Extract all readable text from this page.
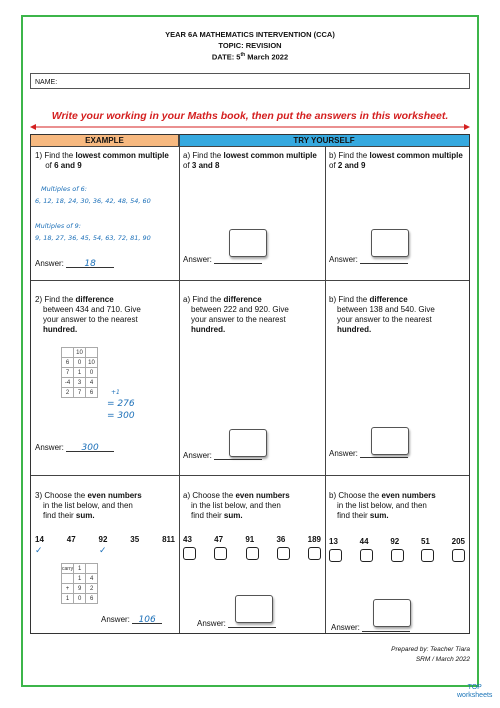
YEAR 6A MATHEMATICS INTERVENTION (CCA)
TOPIC: REVISION
DATE: 5th March 2022
NAME:
Write your working in your Maths book, then put the answers in this worksheet.
EXAMPLE	TRY YOURSELF
1) Find the lowest common multiple
of 6 and 9
Multiples of 6:
6, 12, 18, 24, 30, 36, 42, 48, 54, 60
Multiples of 9:
9, 18, 27, 36, 45, 54, 63, 72, 81, 90
Answer: 18
a) Find the lowest common multiple of 3 and 8
Answer:
b) Find the lowest common multiple of 2 and 9
Answer:
2) Find the difference
between 434 and 710. Give
your answer to the nearest
hundred.
	10	
6	0	10
7	1	0
-4	3	4
2	7	6	+1
= 276
= 300
Answer: 300
a) Find the difference
between 222 and 920. Give
your answer to the nearest
hundred.
Answer:
b) Find the difference
between 138 and 540. Give
your answer to the nearest
hundred.
Answer:
3) Choose the even numbers
in the list below, and then
find their sum.
14	47	92	35	811
✓	✓
carry	1	
	1	4
+	9	2
1	0	6
Answer: 106
a) Choose the even numbers
in the list below, and then
find their sum.
43	47	91	36	189
Answer:
b) Choose the even numbers
in the list below, and then
find their sum.
13	44	92	51	205
Answer:
Prepared by: Teacher Tiara
SRM / March 2022
TOP
worksheets
